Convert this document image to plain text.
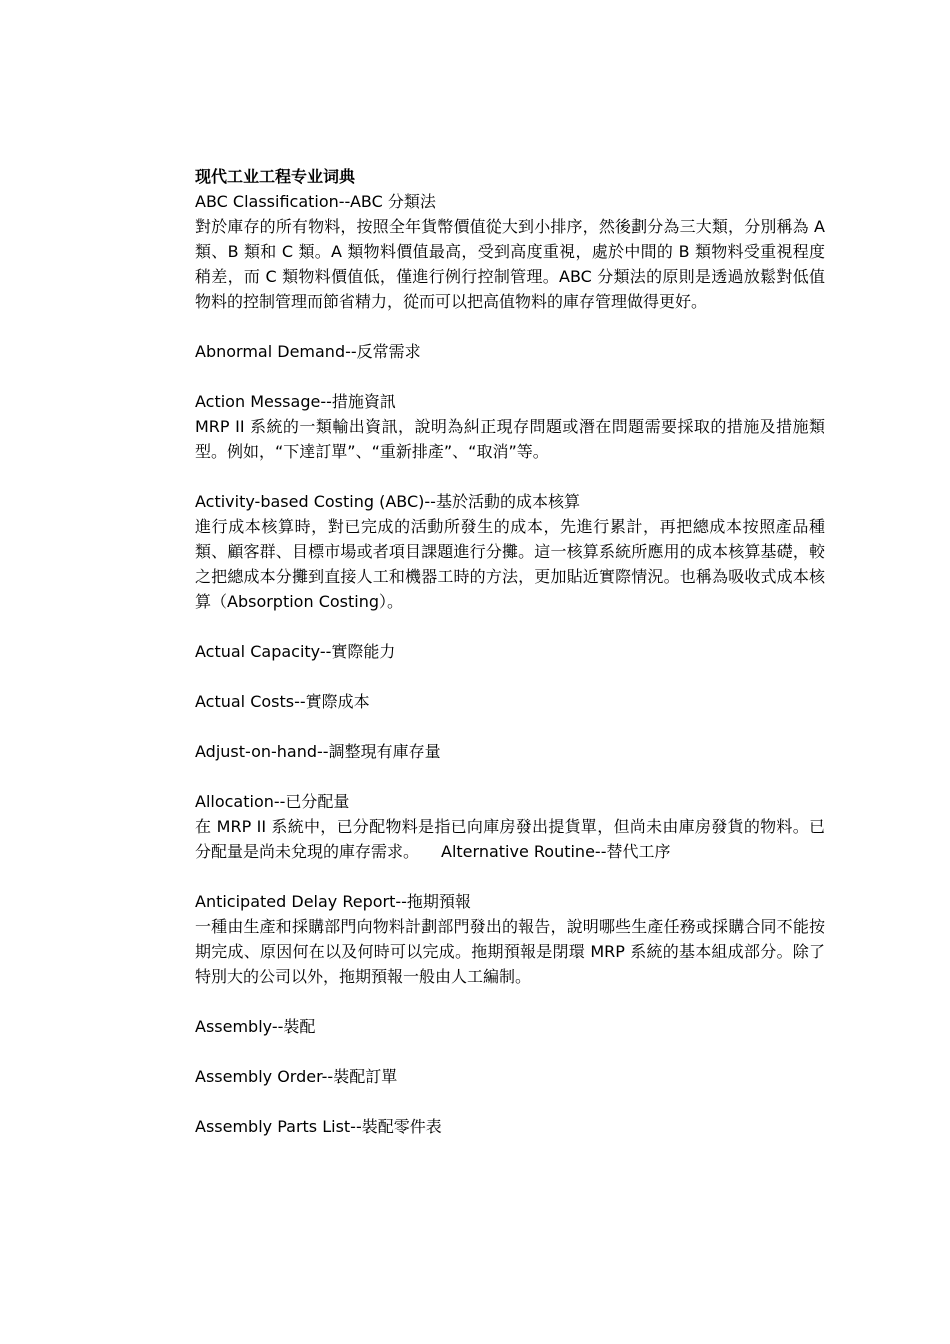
现代工业工程专业词典

ABC Classification--ABC 分類法

對於庫存的所有物料，按照全年貨幣價值從大到小排序，然後劃分為三大類，分別稱為 A 類、B 類和 C 類。A 類物料價值最高，受到高度重視，處於中間的 B 類物料受重視程度稍差，而 C 類物料價值低，僅進行例行控制管理。ABC 分類法的原則是透過放鬆對低值物料的控制管理而節省精力，從而可以把高值物料的庫存管理做得更好。

Abnormal Demand--反常需求

Action Message--措施資訊

MRP II 系統的一類輸出資訊，說明為糾正現存問題或潛在問題需要採取的措施及措施類型。例如，“下達訂單”、“重新排產”、“取消”等。

Activity-based Costing (ABC)--基於活動的成本核算

進行成本核算時，對已完成的活動所發生的成本，先進行累計，再把總成本按照產品種類、顧客群、目標市場或者項目課題進行分攤。這一核算系統所應用的成本核算基礎，較之把總成本分攤到直接人工和機器工時的方法，更加貼近實際情況。也稱為吸收式成本核算（Absorption Costing）。

Actual Capacity--實際能力

Actual Costs--實際成本

Adjust-on-hand--調整現有庫存量

Allocation--已分配量

在 MRP II 系統中，已分配物料是指已向庫房發出提貨單，但尚未由庫房發貨的物料。已分配量是尚未兌現的庫存需求。 Alternative Routine--替代工序

Anticipated Delay Report--拖期預報

一種由生產和採購部門向物料計劃部門發出的報告，說明哪些生產任務或採購合同不能按期完成、原因何在以及何時可以完成。拖期預報是閉環 MRP 系統的基本組成部分。除了特別大的公司以外，拖期預報一般由人工編制。

Assembly--裝配

Assembly Order--裝配訂單

Assembly Parts List--裝配零件表
